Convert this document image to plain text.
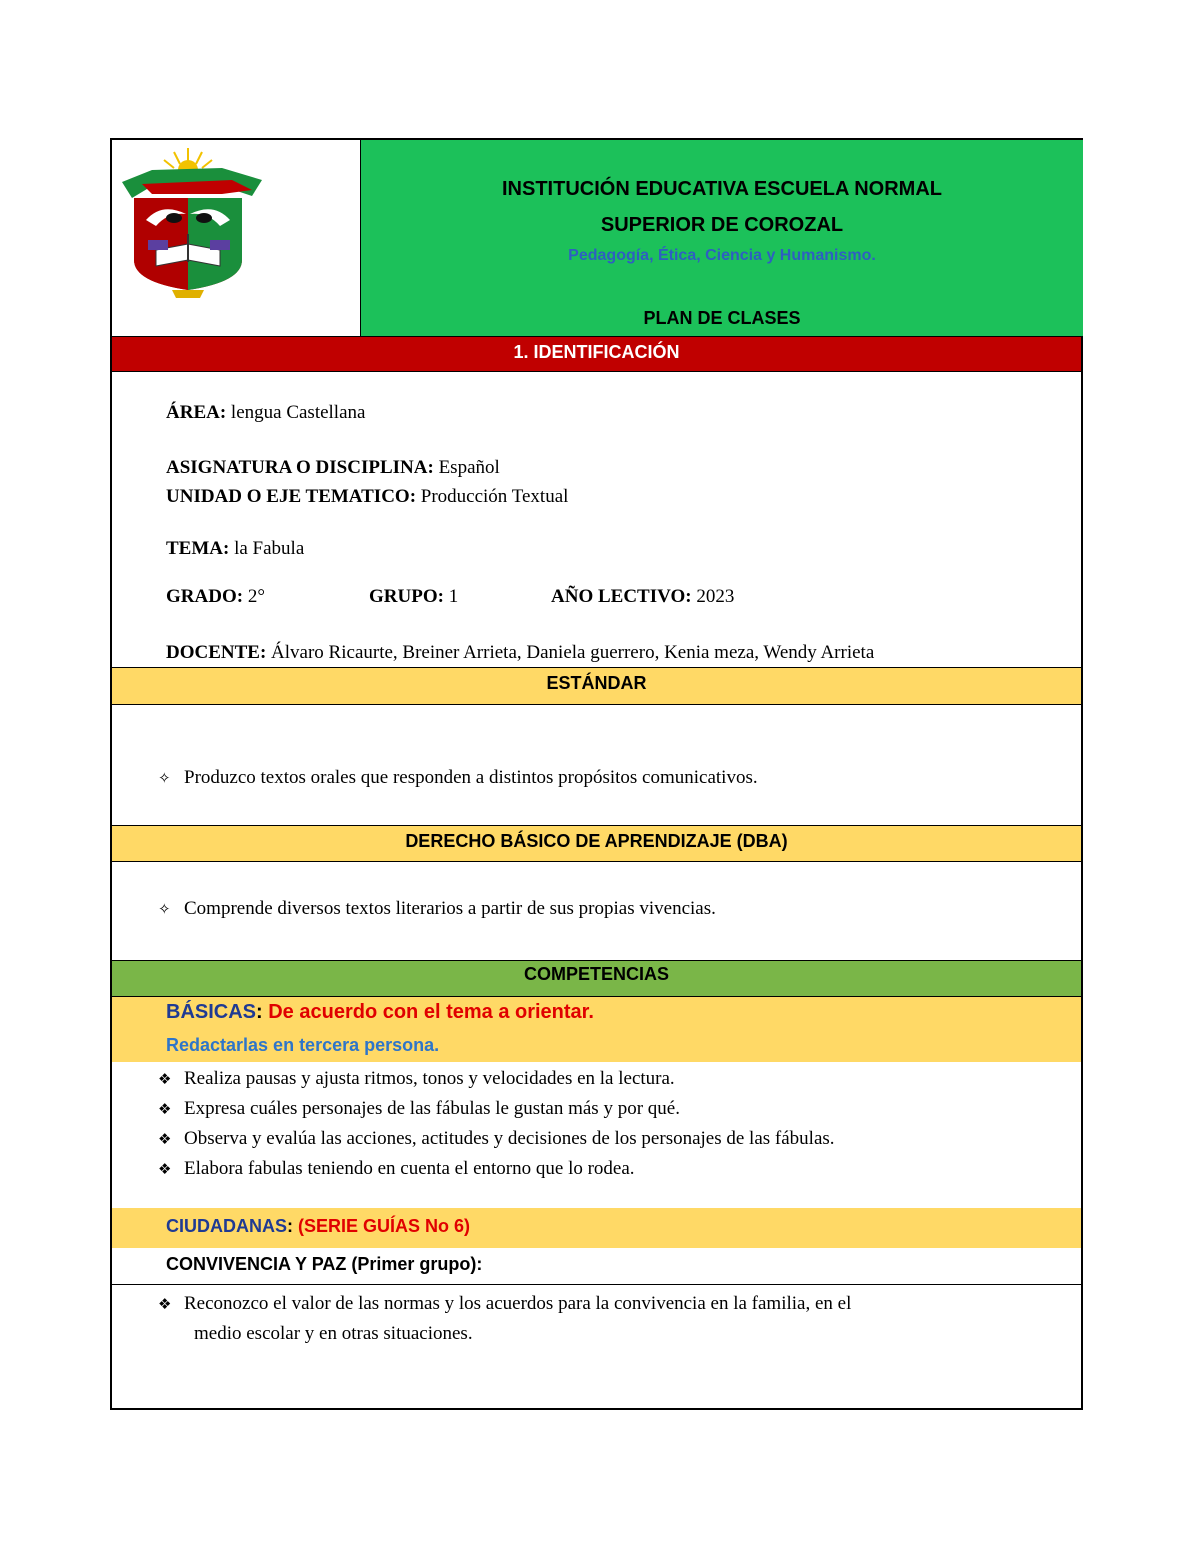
INSTITUCIÓN EDUCATIVA ESCUELA NORMAL
SUPERIOR DE COROZAL
Pedagogía, Ética, Ciencia y Humanismo.
PLAN DE CLASES
1. IDENTIFICACIÓN
ÁREA: lengua Castellana
ASIGNATURA O DISCIPLINA: Español
UNIDAD O EJE TEMATICO: Producción Textual
TEMA: la Fabula
GRADO: 2°	GRUPO: 1	AÑO LECTIVO: 2023
DOCENTE: Álvaro Ricaurte, Breiner Arrieta, Daniela guerrero, Kenia meza, Wendy Arrieta
ESTÁNDAR
✧ Produzco textos orales que responden a distintos propósitos comunicativos.
DERECHO BÁSICO DE APRENDIZAJE (DBA)
✧ Comprende diversos textos literarios a partir de sus propias vivencias.
COMPETENCIAS
BÁSICAS: De acuerdo con el tema a orientar.
Redactarlas en tercera persona.
❖ Realiza pausas y ajusta ritmos, tonos y velocidades en la lectura.
❖ Expresa cuáles personajes de las fábulas le gustan más y por qué.
❖ Observa y evalúa las acciones, actitudes y decisiones de los personajes de las fábulas.
❖ Elabora fabulas teniendo en cuenta el entorno que lo rodea.
CIUDADANAS: (SERIE GUÍAS No 6)
CONVIVENCIA Y PAZ (Primer grupo):
❖ Reconozco el valor de las normas y los acuerdos para la convivencia en la familia, en el
medio escolar y en otras situaciones.
